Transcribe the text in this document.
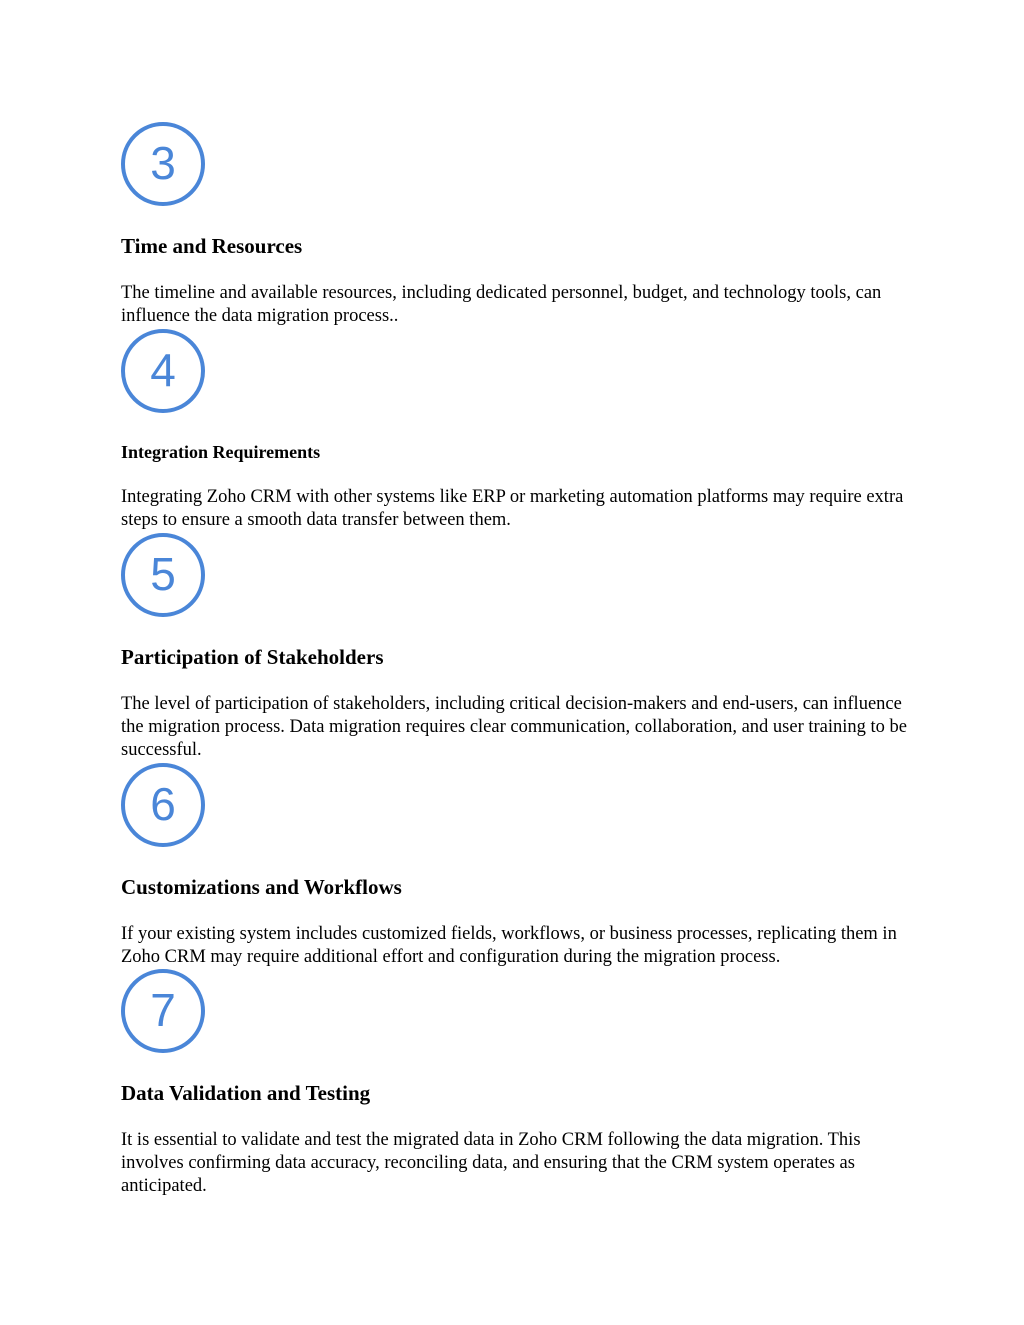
3
Time and Resources

The timeline and available resources, including dedicated personnel, budget, and technology tools, can influence the data migration process..

4
Integration Requirements

Integrating Zoho CRM with other systems like ERP or marketing automation platforms may require extra steps to ensure a smooth data transfer between them.

5
Participation of Stakeholders

The level of participation of stakeholders, including critical decision-makers and end-users, can influence the migration process. Data migration requires clear communication, collaboration, and user training to be successful.

6
Customizations and Workflows

If your existing system includes customized fields, workflows, or business processes, replicating them in Zoho CRM may require additional effort and configuration during the migration process.

7
Data Validation and Testing

It is essential to validate and test the migrated data in Zoho CRM following the data migration. This involves confirming data accuracy, reconciling data, and ensuring that the CRM system operates as anticipated.
